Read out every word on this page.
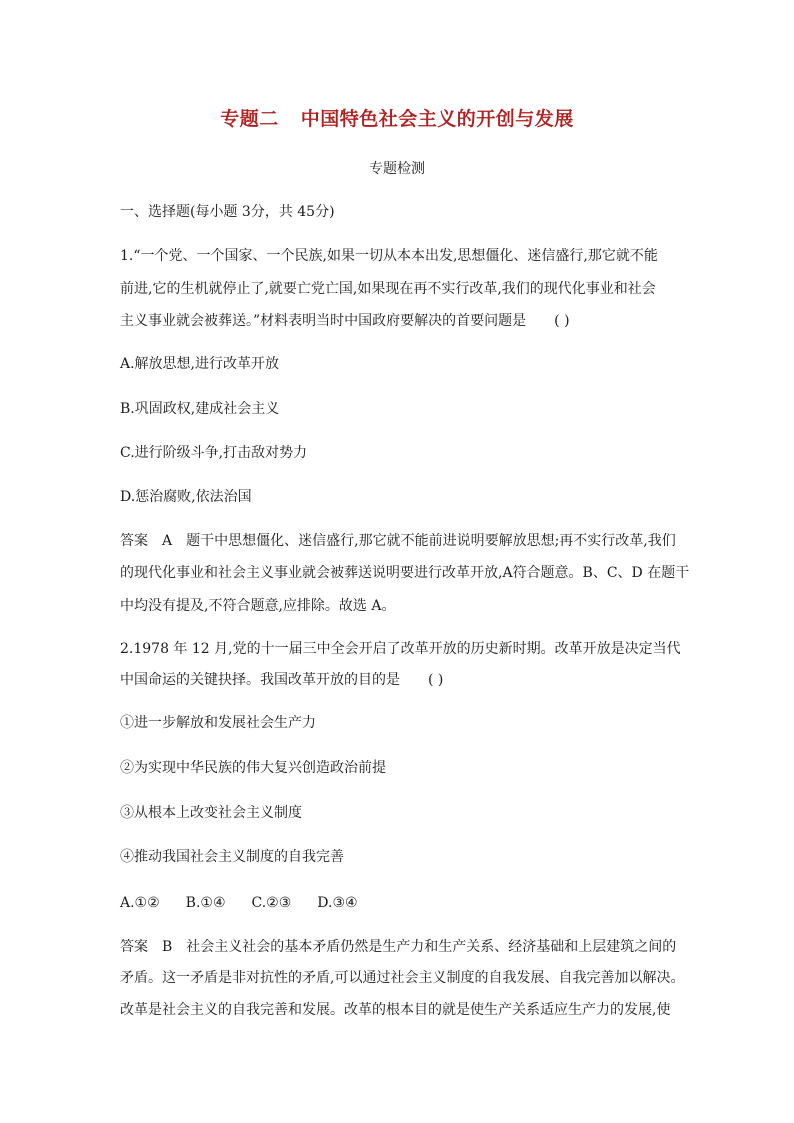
专题二 中国特色社会主义的开创与发展
专题检测
一、选择题(每小题 3分，共 45分)
1.“一个党、一个国家、一个民族,如果一切从本本出发,思想僵化、迷信盛行,那它就不能
前进,它的生机就停止了,就要亡党亡国,如果现在再不实行改革,我们的现代化事业和社会
主义事业就会被葬送。”材料表明当时中国政府要解决的首要问题是 ( )
A.解放思想,进行改革开放
B.巩固政权,建成社会主义
C.进行阶级斗争,打击敌对势力
D.惩治腐败,依法治国
答案 A 题干中思想僵化、迷信盛行,那它就不能前进说明要解放思想;再不实行改革,我们
的现代化事业和社会主义事业就会被葬送说明要进行改革开放,A符合题意。B、C、D 在题干
中均没有提及,不符合题意,应排除。故选 A。
2.1978 年 12 月,党的十一届三中全会开启了改革开放的历史新时期。改革开放是决定当代
中国命运的关键抉择。我国改革开放的目的是 ( )
①进一步解放和发展社会生产力
②为实现中华民族的伟大复兴创造政治前提
③从根本上改变社会主义制度
④推动我国社会主义制度的自我完善
A.①② B.①④ C.②③ D.③④
答案 B 社会主义社会的基本矛盾仍然是生产力和生产关系、经济基础和上层建筑之间的
矛盾。这一矛盾是非对抗性的矛盾,可以通过社会主义制度的自我发展、自我完善加以解决。
改革是社会主义的自我完善和发展。改革的根本目的就是使生产关系适应生产力的发展,使
